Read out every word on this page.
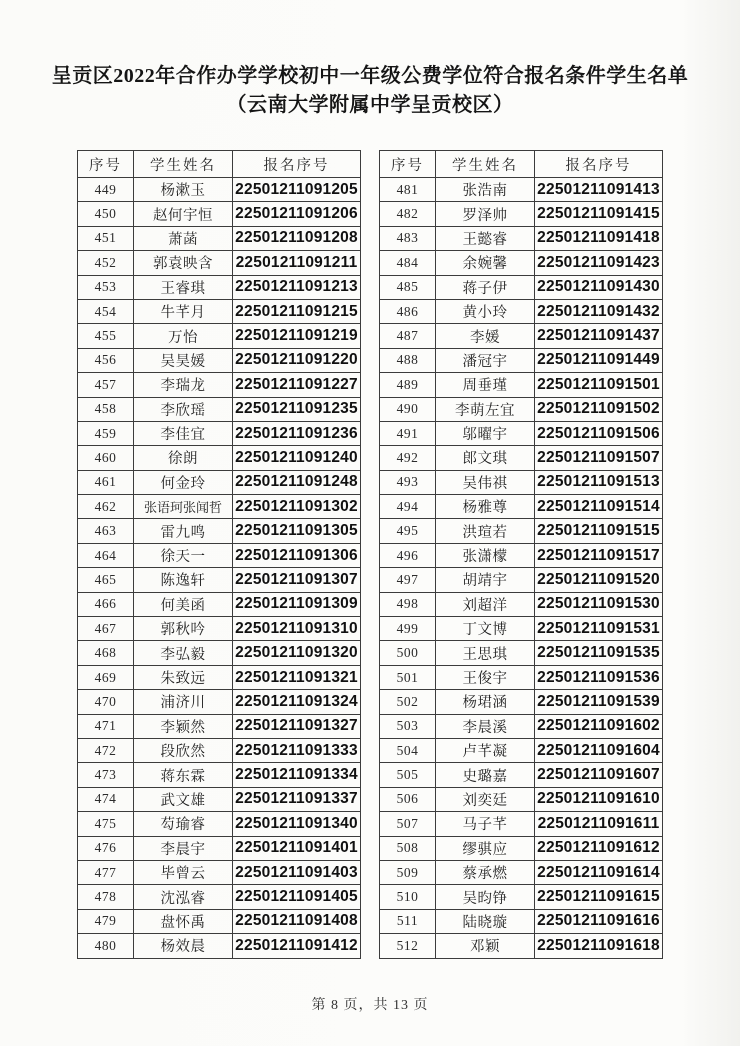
呈贡区2022年合作办学学校初中一年级公费学位符合报名条件学生名单
（云南大学附属中学呈贡校区）
序号	学生姓名	报名序号
449	杨漱玉	22501211091205
450	赵何宇恒	22501211091206
451	萧菡	22501211091208
452	郭袁映含	22501211091211
453	王睿琪	22501211091213
454	牛芊月	22501211091215
455	万怡	22501211091219
456	吴昊媛	22501211091220
457	李瑞龙	22501211091227
458	李欣瑶	22501211091235
459	李佳宜	22501211091236
460	徐朗	22501211091240
461	何金玲	22501211091248
462	张语珂张闻哲	22501211091302
463	雷九鸣	22501211091305
464	徐天一	22501211091306
465	陈逸轩	22501211091307
466	何美函	22501211091309
467	郭秋吟	22501211091310
468	李弘毅	22501211091320
469	朱致远	22501211091321
470	浦济川	22501211091324
471	李颖然	22501211091327
472	段欣然	22501211091333
473	蒋东霖	22501211091334
474	武文雄	22501211091337
475	芶瑜睿	22501211091340
476	李晨宇	22501211091401
477	毕曾云	22501211091403
478	沈泓睿	22501211091405
479	盘怀禹	22501211091408
480	杨效晨	22501211091412
序号	学生姓名	报名序号
481	张浩南	22501211091413
482	罗泽帅	22501211091415
483	王懿睿	22501211091418
484	余婉馨	22501211091423
485	蒋子伊	22501211091430
486	黄小玲	22501211091432
487	李媛	22501211091437
488	潘冠宇	22501211091449
489	周垂瑾	22501211091501
490	李萌左宜	22501211091502
491	邬曜宇	22501211091506
492	郎文琪	22501211091507
493	吴伟祺	22501211091513
494	杨雅尊	22501211091514
495	洪瑄若	22501211091515
496	张潇檬	22501211091517
497	胡靖宇	22501211091520
498	刘超洋	22501211091530
499	丁文博	22501211091531
500	王思琪	22501211091535
501	王俊宇	22501211091536
502	杨珺涵	22501211091539
503	李晨溪	22501211091602
504	卢芊凝	22501211091604
505	史璐嘉	22501211091607
506	刘奕廷	22501211091610
507	马子芊	22501211091611
508	缪骐应	22501211091612
509	蔡承燃	22501211091614
510	吴昀铮	22501211091615
511	陆晓璇	22501211091616
512	邓颖	22501211091618
第 8 页，共 13 页
